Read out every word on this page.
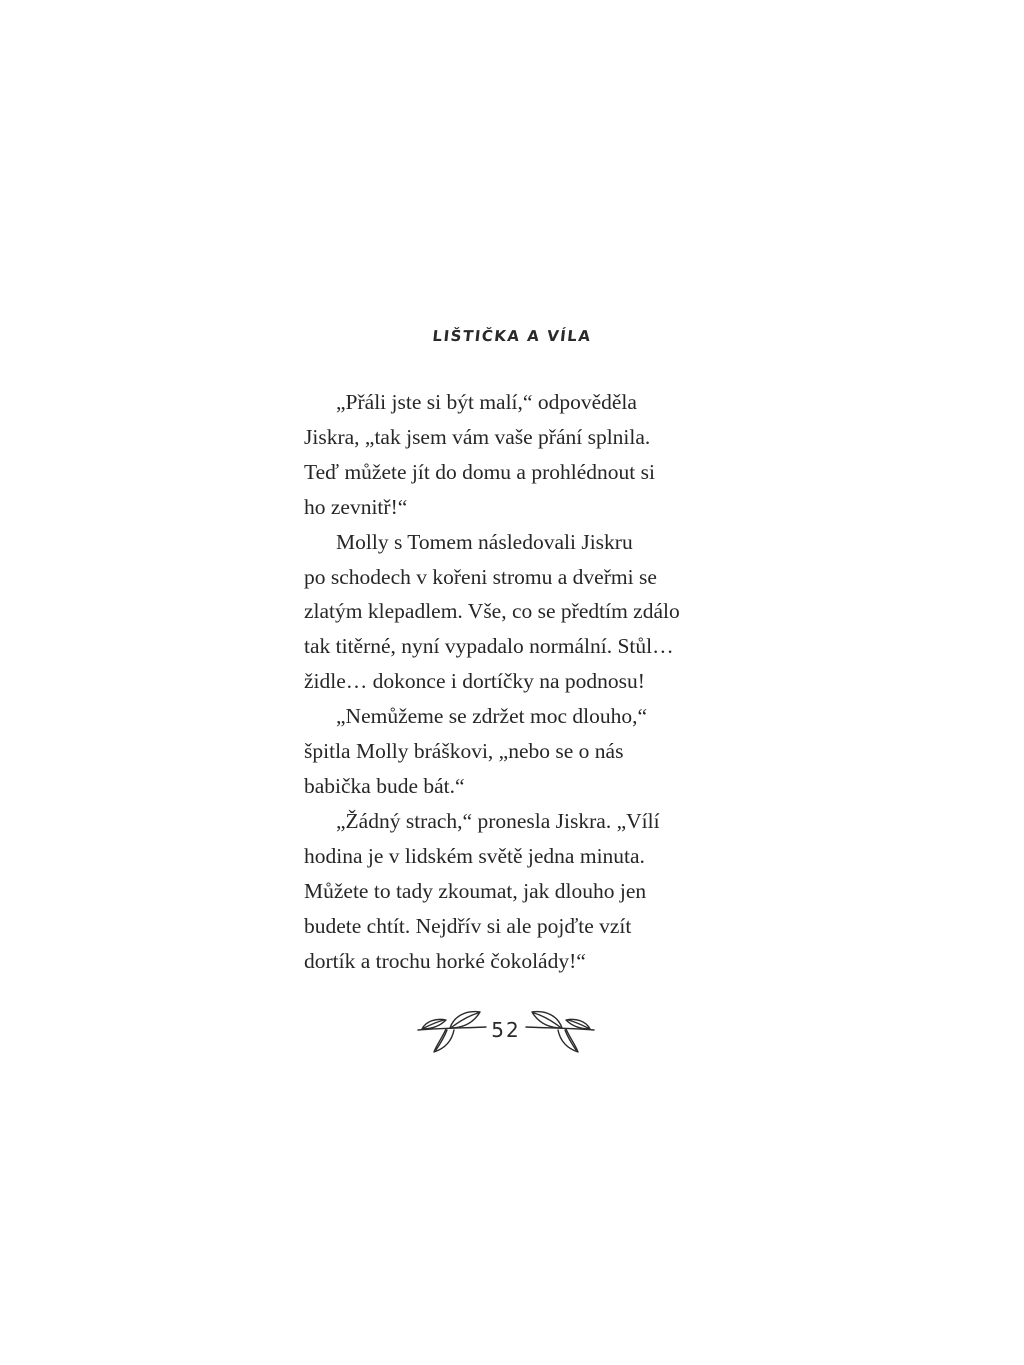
LIŠTIČKA A VÍLA
„Přáli jste si být malí,“ odpověděla
Jiskra, „tak jsem vám vaše přání splnila.
Teď můžete jít do domu a prohlédnout si
ho zevnitř!“
Molly s Tomem následovali Jiskru
po schodech v kořeni stromu a dveřmi se
zlatým klepadlem. Vše, co se předtím zdálo
tak titěrné, nyní vypadalo normální. Stůl…
židle… dokonce i dortíčky na podnosu!
„Nemůžeme se zdržet moc dlouho,“
špitla Molly bráškovi, „nebo se o nás
babička bude bát.“
„Žádný strach,“ pronesla Jiskra. „Vílí
hodina je v lidském světě jedna minuta.
Můžete to tady zkoumat, jak dlouho jen
budete chtít. Nejdřív si ale pojďte vzít
dortík a trochu horké čokolády!“
52
